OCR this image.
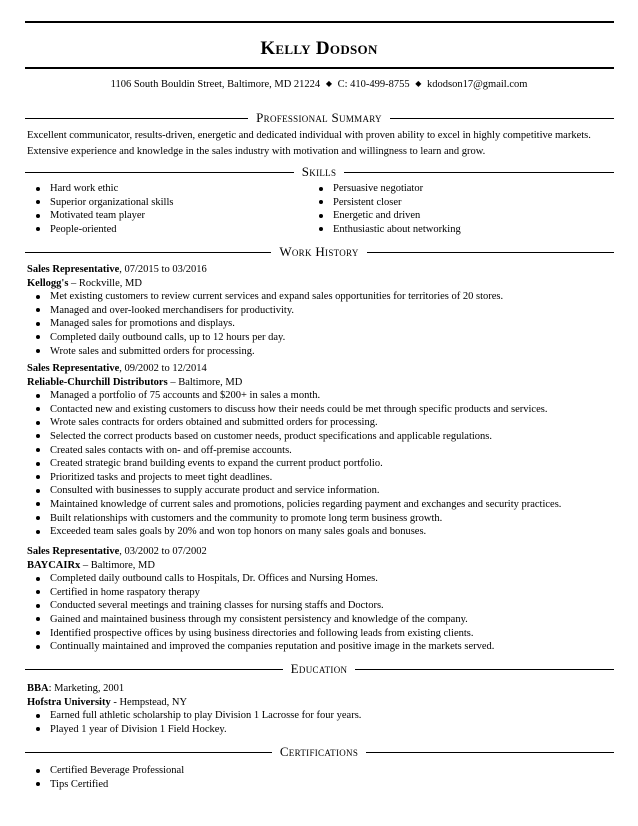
Kelly Dodson
1106 South Bouldin Street, Baltimore, MD 21224 ◆ C: 410-499-8755 ◆ kdodson17@gmail.com
Professional Summary
Excellent communicator, results-driven, energetic and dedicated individual with proven ability to excel in highly competitive markets. Extensive experience and knowledge in the sales industry with motivation and willingness to learn and grow.
Skills
Hard work ethic
Superior organizational skills
Motivated team player
People-oriented
Persuasive negotiator
Persistent closer
Energetic and driven
Enthusiastic about networking
Work History
Sales Representative, 07/2015 to 03/2016
Kellogg's – Rockville, MD
Met existing customers to review current services and expand sales opportunities for territories of 20 stores.
Managed and over-looked merchandisers for productivity.
Managed sales for promotions and displays.
Completed daily outbound calls, up to 12 hours per day.
Wrote sales and submitted orders for processing.
Sales Representative, 09/2002 to 12/2014
Reliable-Churchill Distributors – Baltimore, MD
Managed a portfolio of 75 accounts and $200+ in sales a month.
Contacted new and existing customers to discuss how their needs could be met through specific products and services.
Wrote sales contracts for orders obtained and submitted orders for processing.
Selected the correct products based on customer needs, product specifications and applicable regulations.
Created sales contacts with on- and off-premise accounts.
Created strategic brand building events to expand the current product portfolio.
Prioritized tasks and projects to meet tight deadlines.
Consulted with businesses to supply accurate product and service information.
Maintained knowledge of current sales and promotions, policies regarding payment and exchanges and security practices.
Built relationships with customers and the community to promote long term business growth.
Exceeded team sales goals by 20% and won top honors on many sales goals and bonuses.
Sales Representative, 03/2002 to 07/2002
BAYCAIRx – Baltimore, MD
Completed daily outbound calls to Hospitals, Dr. Offices and Nursing Homes.
Certified in home raspatory therapy
Conducted several meetings and training classes for nursing staffs and Doctors.
Gained and maintained business through my consistent persistency and knowledge of the company.
Identified prospective offices by using business directories and following leads from existing clients.
Continually maintained and improved the companies reputation and positive image in the markets served.
Education
BBA: Marketing, 2001
Hofstra University - Hempstead, NY
Earned full athletic scholarship to play Division 1 Lacrosse for four years.
Played 1 year of Division 1 Field Hockey.
Certifications
Certified Beverage Professional
Tips Certified
